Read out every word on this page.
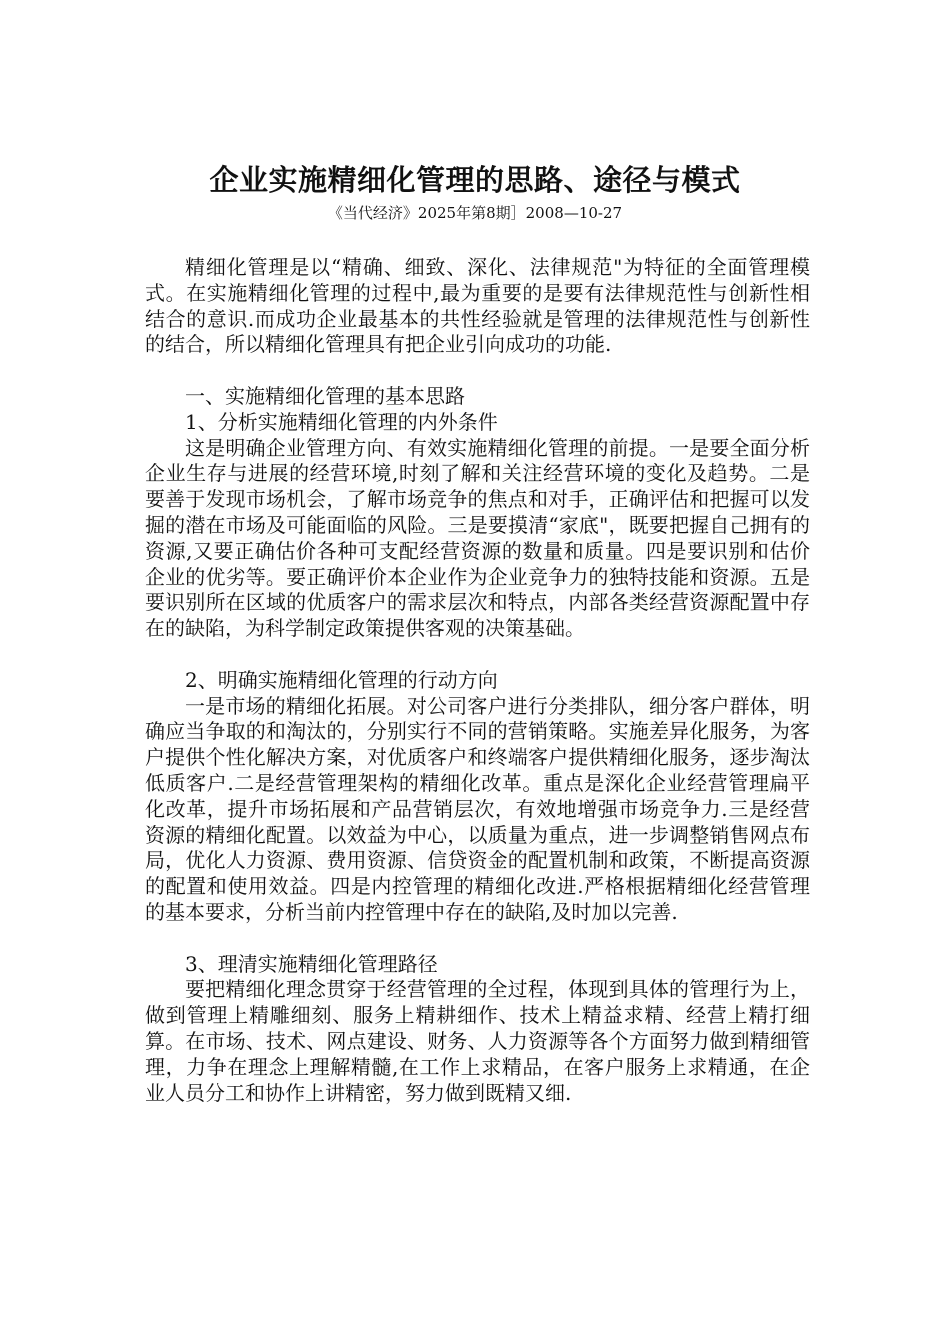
企业实施精细化管理的思路、途径与模式
《当代经济》2025年第8期］2008—10-27

精细化管理是以“精确、细致、深化、法律规范"为特征的全面管理模式。在实施精细化管理的过程中,最为重要的是要有法律规范性与创新性相结合的意识.而成功企业最基本的共性经验就是管理的法律规范性与创新性的结合，所以精细化管理具有把企业引向成功的功能.

一、实施精细化管理的基本思路

1、分析实施精细化管理的内外条件

这是明确企业管理方向、有效实施精细化管理的前提。一是要全面分析企业生存与进展的经营环境,时刻了解和关注经营环境的变化及趋势。二是要善于发现市场机会，了解市场竞争的焦点和对手，正确评估和把握可以发掘的潜在市场及可能面临的风险。三是要摸清“家底"，既要把握自己拥有的资源,又要正确估价各种可支配经营资源的数量和质量。四是要识别和估价企业的优劣等。要正确评价本企业作为企业竞争力的独特技能和资源。五是要识别所在区域的优质客户的需求层次和特点，内部各类经营资源配置中存在的缺陷，为科学制定政策提供客观的决策基础。

2、明确实施精细化管理的行动方向

一是市场的精细化拓展。对公司客户进行分类排队，细分客户群体，明确应当争取的和淘汰的，分别实行不同的营销策略。实施差异化服务，为客户提供个性化解决方案，对优质客户和终端客户提供精细化服务，逐步淘汰低质客户.二是经营管理架构的精细化改革。重点是深化企业经营管理扁平化改革，提升市场拓展和产品营销层次，有效地增强市场竞争力.三是经营资源的精细化配置。以效益为中心，以质量为重点，进一步调整销售网点布局，优化人力资源、费用资源、信贷资金的配置机制和政策，不断提高资源的配置和使用效益。四是内控管理的精细化改进.严格根据精细化经营管理的基本要求，分析当前内控管理中存在的缺陷,及时加以完善.

3、理清实施精细化管理路径

要把精细化理念贯穿于经营管理的全过程，体现到具体的管理行为上，做到管理上精雕细刻、服务上精耕细作、技术上精益求精、经营上精打细算。在市场、技术、网点建设、财务、人力资源等各个方面努力做到精细管理，力争在理念上理解精髓,在工作上求精品，在客户服务上求精通，在企业人员分工和协作上讲精密，努力做到既精又细.
